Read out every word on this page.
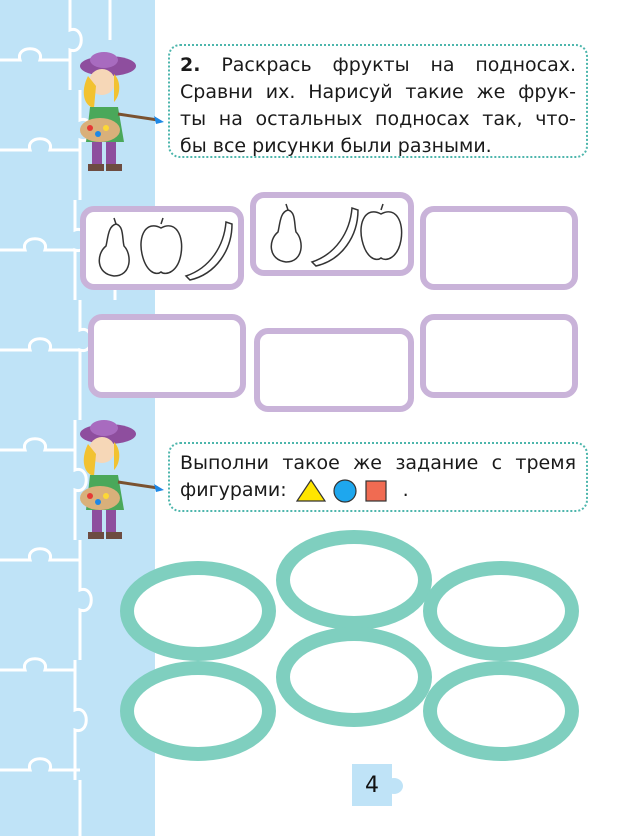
2. Раскрась фрукты на подносах.
Сравни их. Нарисуй такие же фрук-
ты на остальных подносах так, что-
бы все рисунки были разными.
Выполни такое же задание с тремя
фигурами:	.
4
